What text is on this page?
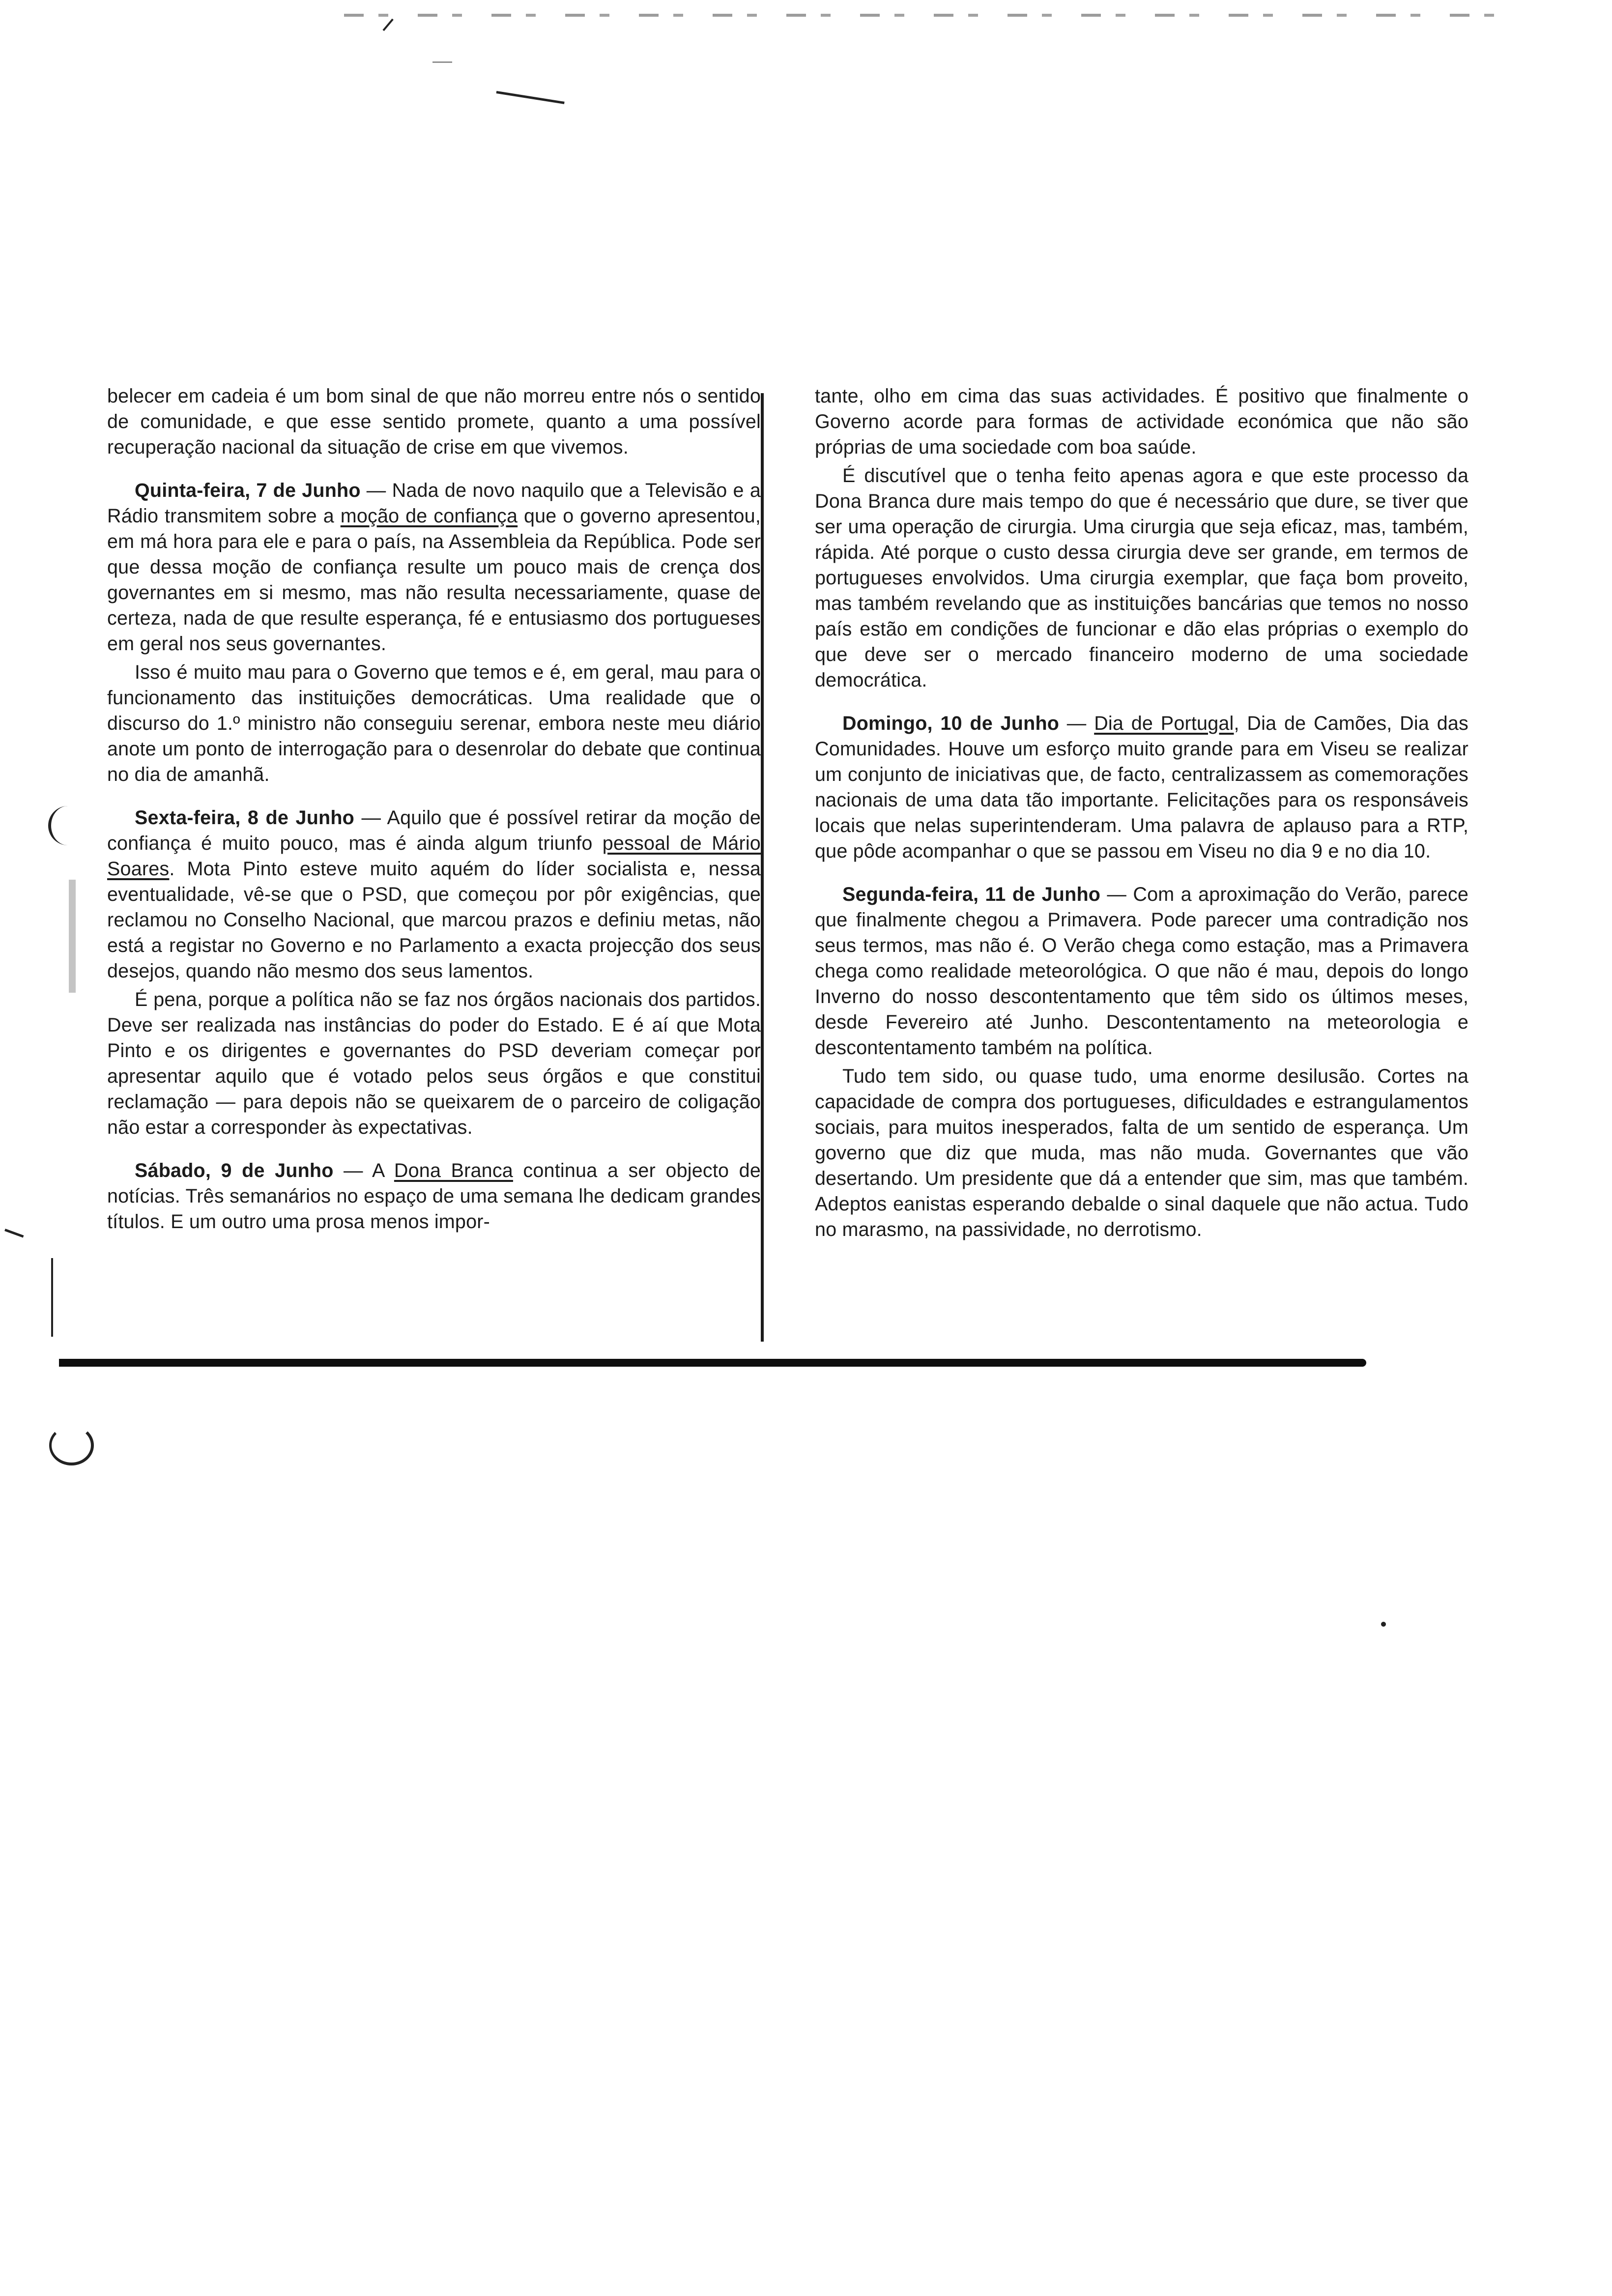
belecer em cadeia é um bom sinal de que não morreu entre nós o sentido de comunidade, e que esse sentido promete, quanto a uma possível recuperação nacional da situação de crise em que vivemos.

Quinta-feira, 7 de Junho — Nada de novo naquilo que a Televisão e a Rádio transmitem sobre a moção de confiança que o governo apresentou, em má hora para ele e para o país, na Assembleia da República. Pode ser que dessa moção de confiança resulte um pouco mais de crença dos governantes em si mesmo, mas não resulta necessariamente, quase de certeza, nada de que resulte esperança, fé e entusiasmo dos portugueses em geral nos seus governantes.

Isso é muito mau para o Governo que temos e é, em geral, mau para o funcionamento das instituições democráticas. Uma realidade que o discurso do 1.º ministro não conseguiu serenar, embora neste meu diário anote um ponto de interrogação para o desenrolar do debate que continua no dia de amanhã.

Sexta-feira, 8 de Junho — Aquilo que é possível retirar da moção de confiança é muito pouco, mas é ainda algum triunfo pessoal de Mário Soares. Mota Pinto esteve muito aquém do líder socialista e, nessa eventualidade, vê-se que o PSD, que começou por pôr exigências, que reclamou no Conselho Nacional, que marcou prazos e definiu metas, não está a registar no Governo e no Parlamento a exacta projecção dos seus desejos, quando não mesmo dos seus lamentos.

É pena, porque a política não se faz nos órgãos nacionais dos partidos. Deve ser realizada nas instâncias do poder do Estado. E é aí que Mota Pinto e os dirigentes e governantes do PSD deveriam começar por apresentar aquilo que é votado pelos seus órgãos e que constitui reclamação — para depois não se queixarem de o parceiro de coligação não estar a corresponder às expectativas.

Sábado, 9 de Junho — A Dona Branca continua a ser objecto de notícias. Três semanários no espaço de uma semana lhe dedicam grandes títulos. E um outro uma prosa menos impor-

tante, olho em cima das suas actividades. É positivo que finalmente o Governo acorde para formas de actividade económica que não são próprias de uma sociedade com boa saúde.

É discutível que o tenha feito apenas agora e que este processo da Dona Branca dure mais tempo do que é necessário que dure, se tiver que ser uma operação de cirurgia. Uma cirurgia que seja eficaz, mas, também, rápida. Até porque o custo dessa cirurgia deve ser grande, em termos de portugueses envolvidos. Uma cirurgia exemplar, que faça bom proveito, mas também revelando que as instituições bancárias que temos no nosso país estão em condições de funcionar e dão elas próprias o exemplo do que deve ser o mercado financeiro moderno de uma sociedade democrática.

Domingo, 10 de Junho — Dia de Portugal, Dia de Camões, Dia das Comunidades. Houve um esforço muito grande para em Viseu se realizar um conjunto de iniciativas que, de facto, centralizassem as comemorações nacionais de uma data tão importante. Felicitações para os responsáveis locais que nelas superintenderam. Uma palavra de aplauso para a RTP, que pôde acompanhar o que se passou em Viseu no dia 9 e no dia 10.

Segunda-feira, 11 de Junho — Com a aproximação do Verão, parece que finalmente chegou a Primavera. Pode parecer uma contradição nos seus termos, mas não é. O Verão chega como estação, mas a Primavera chega como realidade meteorológica. O que não é mau, depois do longo Inverno do nosso descontentamento que têm sido os últimos meses, desde Fevereiro até Junho. Descontentamento na meteorologia e descontentamento também na política.

Tudo tem sido, ou quase tudo, uma enorme desilusão. Cortes na capacidade de compra dos portugueses, dificuldades e estrangulamentos sociais, para muitos inesperados, falta de um sentido de esperança. Um governo que diz que muda, mas não muda. Governantes que vão desertando. Um presidente que dá a entender que sim, mas que também. Adeptos eanistas esperando debalde o sinal daquele que não actua. Tudo no marasmo, na passividade, no derrotismo.
